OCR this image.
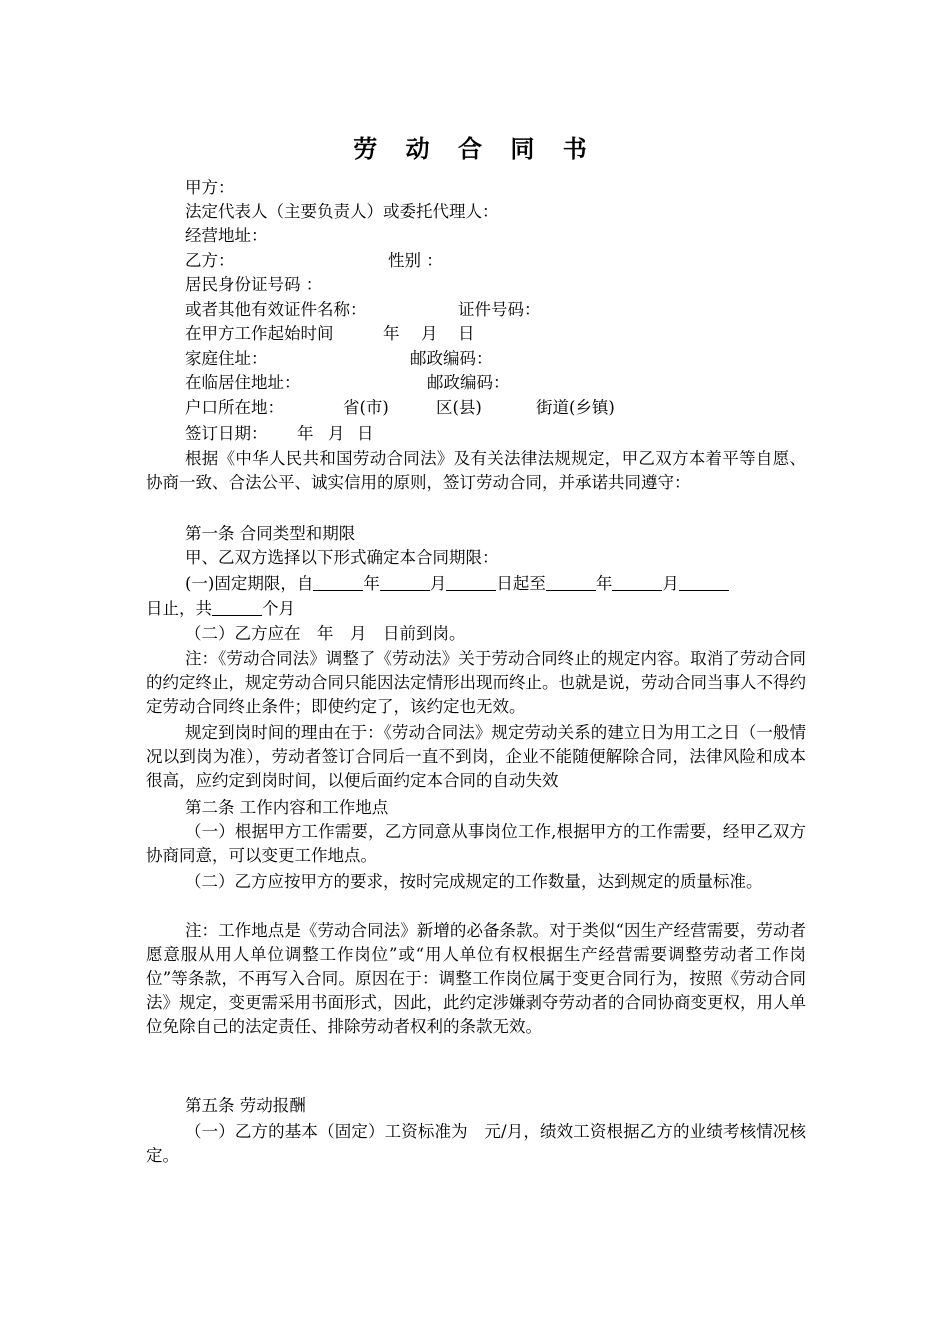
劳 动 合 同 书
甲方：
法定代表人（主要负责人）或委托代理人：
经营地址：
乙方：	性别 ：
居民身份证号码 ：
或者其他有效证件名称：	证件号码：
在甲方工作起始时间	年 月 日
家庭住址：	邮政编码：
在临居住地址：	邮政编码：
户口所在地：	省(市)	区(县)	街道(乡镇)
签订日期： 年 月 日
根据《中华人民共和国劳动合同法》及有关法律法规规定，甲乙双方本着平等自愿、协商一致、合法公平、诚实信用的原则，签订劳动合同，并承诺共同遵守：
第一条 合同类型和期限
甲、乙双方选择以下形式确定本合同期限：
(一)固定期限，自	年	月	日起至	年	月
日止，共	个月
（二）乙方应在　年　月　日前到岗。
注：《劳动合同法》调整了《劳动法》关于劳动合同终止的规定内容。取消了劳动合同的约定终止，规定劳动合同只能因法定情形出现而终止。也就是说，劳动合同当事人不得约定劳动合同终止条件；即使约定了，该约定也无效。
规定到岗时间的理由在于：《劳动合同法》规定劳动关系的建立日为用工之日（一般情况以到岗为准），劳动者签订合同后一直不到岗，企业不能随便解除合同，法律风险和成本很高，应约定到岗时间，以便后面约定本合同的自动失效
第二条 工作内容和工作地点
（一）根据甲方工作需要，乙方同意从事岗位工作,根据甲方的工作需要，经甲乙双方协商同意，可以变更工作地点。
（二）乙方应按甲方的要求，按时完成规定的工作数量，达到规定的质量标准。
注：工作地点是《劳动合同法》新增的必备条款。对于类似“因生产经营需要，劳动者愿意服从用人单位调整工作岗位”或“用人单位有权根据生产经营需要调整劳动者工作岗位”等条款，不再写入合同。原因在于：调整工作岗位属于变更合同行为，按照《劳动合同法》规定，变更需采用书面形式，因此，此约定涉嫌剥夺劳动者的合同协商变更权，用人单位免除自己的法定责任、排除劳动者权利的条款无效。
第五条 劳动报酬
（一）乙方的基本（固定）工资标准为　元/月，绩效工资根据乙方的业绩考核情况核定。
